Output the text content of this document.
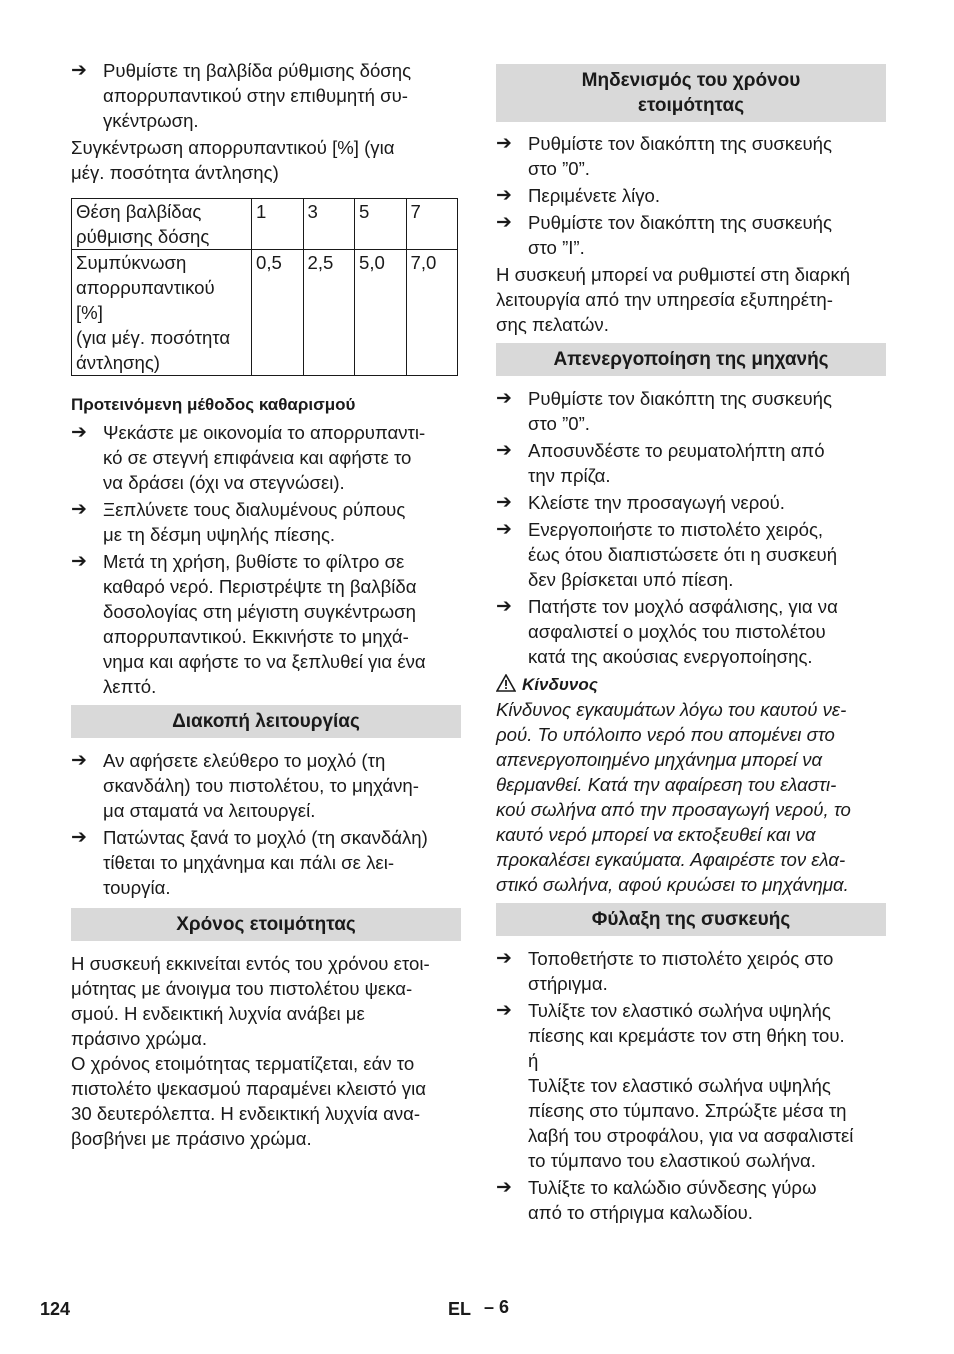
➔ Ρυθμίστε τη βαλβίδα ρύθμισης δόσης
απορρυπαντικού στην επιθυμητή συ-
γκέντρωση.

Συγκέντρωση απορρυπαντικού [%] (για
μέγ. ποσότητα άντλησης)

Θέση βαλβίδας
ρύθμισης δόσης	1	3	5	7

Συμπύκνωση
απορρυπαντικού
[%]
(για μέγ. ποσότητα
άντλησης)	0,5	2,5	5,0	7,0
Προτεινόμενη μέθοδος καθαρισμού
➔ Ψεκάστε με οικονομία το απορρυπαντι-
κό σε στεγνή επιφάνεια και αφήστε το
να δράσει (όχι να στεγνώσει).
➔ Ξεπλύνετε τους διαλυμένους ρύπους
με τη δέσμη υψηλής πίεσης.
➔ Μετά τη χρήση, βυθίστε το φίλτρο σε
καθαρό νερό. Περιστρέψτε τη βαλβίδα
δοσολογίας στη μέγιστη συγκέντρωση
απορρυπαντικού. Εκκινήστε το μηχά-
νημα και αφήστε το να ξεπλυθεί για ένα
λεπτό.
Διακοπή λειτουργίας
➔ Αν αφήσετε ελεύθερο το μοχλό (τη
σκανδάλη) του πιστολέτου, το μηχάνη-
μα σταματά να λειτουργεί.
➔ Πατώντας ξανά το μοχλό (τη σκανδάλη)
τίθεται το μηχάνημα και πάλι σε λει-
τουργία.
Χρόνος ετοιμότητας

Η συσκευή εκκινείται εντός του χρόνου ετοι-
μότητας με άνοιγμα του πιστολέτου ψεκα-
σμού. Η ενδεικτική λυχνία ανάβει με
πράσινο χρώμα.

Ο χρόνος ετοιμότητας τερματίζεται, εάν το
πιστολέτο ψεκασμού παραμένει κλειστό για
30 δευτερόλεπτα. Η ενδεικτική λυχνία ανα-
βοσβήνει με πράσινο χρώμα.

Μηδενισμός του χρόνου
ετοιμότητας
➔ Ρυθμίστε τον διακόπτη της συσκευής
στο ”0”.
➔ Περιμένετε λίγο.
➔ Ρυθμίστε τον διακόπτη της συσκευής
στο ”I”.

Η συσκευή μπορεί να ρυθμιστεί στη διαρκή
λειτουργία από την υπηρεσία εξυπηρέτη-
σης πελατών.

Απενεργοποίηση της μηχανής
➔ Ρυθμίστε τον διακόπτη της συσκευής
στο ”0”.
➔ Αποσυνδέστε το ρευματολήπτη από
την πρίζα.
➔ Κλείστε την προσαγωγή νερού.
➔ Ενεργοποιήστε το πιστολέτο χειρός,
έως ότου διαπιστώσετε ότι η συσκευή
δεν βρίσκεται υπό πίεση.
➔ Πατήστε τον μοχλό ασφάλισης, για να
ασφαλιστεί ο μοχλός του πιστολέτου
κατά της ακούσιας ενεργοποίησης.
Κίνδυνος

Κίνδυνος εγκαυμάτων λόγω του καυτού νε-
ρού. Το υπόλοιπο νερό που απομένει στο
απενεργοποιημένο μηχάνημα μπορεί να
θερμανθεί. Κατά την αφαίρεση του ελαστι-
κού σωλήνα από την προσαγωγή νερού, το
καυτό νερό μπορεί να εκτοξευθεί και να
προκαλέσει εγκαύματα. Αφαιρέστε τον ελα-
στικό σωλήνα, αφού κρυώσει το μηχάνημα.

Φύλαξη της συσκευής
➔ Τοποθετήστε το πιστολέτο χειρός στο
στήριγμα.
➔ Τυλίξτε τον ελαστικό σωλήνα υψηλής
πίεσης και κρεμάστε τον στη θήκη του.
ή
Τυλίξτε τον ελαστικό σωλήνα υψηλής
πίεσης στο τύμπανο. Σπρώξτε μέσα τη
λαβή του στροφάλου, για να ασφαλιστεί
το τύμπανο του ελαστικού σωλήνα.
➔ Τυλίξτε το καλώδιο σύνδεσης γύρω
από το στήριγμα καλωδίου.
124	EL – 6
